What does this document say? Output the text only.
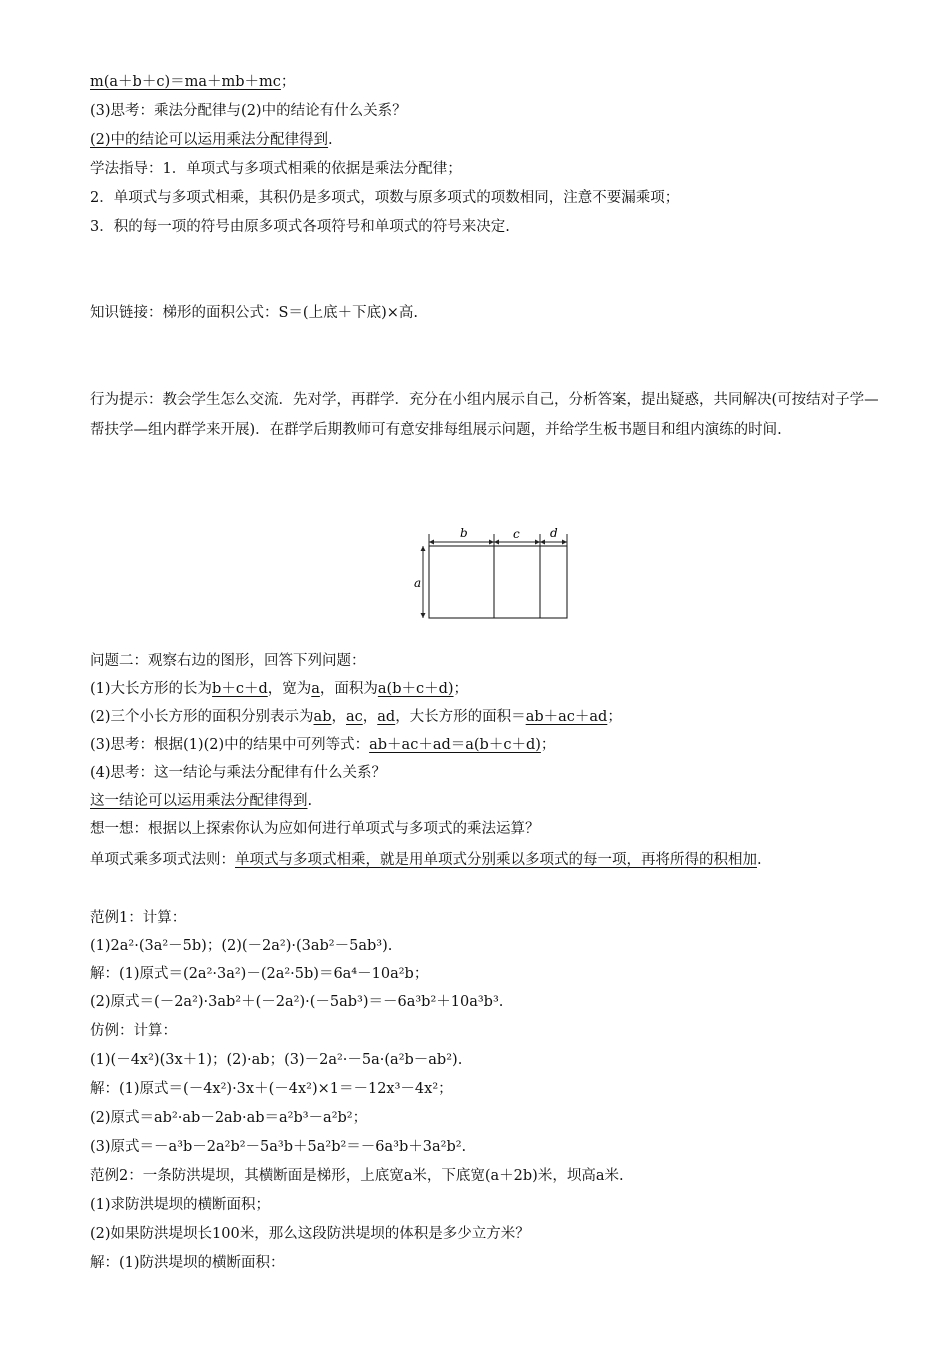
m(a＋b＋c)＝ma＋mb＋mc；
(3)思考：乘法分配律与(2)中的结论有什么关系？
(2)中的结论可以运用乘法分配律得到.
学法指导：1．单项式与多项式相乘的依据是乘法分配律；
2．单项式与多项式相乘，其积仍是多项式，项数与原多项式的项数相同，注意不要漏乘项；
3．积的每一项的符号由原多项式各项符号和单项式的符号来决定.
知识链接：梯形的面积公式：S＝(上底＋下底)×高.
行为提示：教会学生怎么交流．先对学，再群学．充分在小组内展示自己，分析答案，提出疑惑，共同解决(可按结对子学—帮扶学—组内群学来开展)．在群学后期教师可有意安排每组展示问题，并给学生板书题目和组内演练的时间.
b	c	d
a
问题二：观察右边的图形，回答下列问题：
(1)大长方形的长为b＋c＋d，宽为a，面积为a(b＋c＋d)；
(2)三个小长方形的面积分别表示为ab，ac，ad，大长方形的面积＝ab＋ac＋ad；
(3)思考：根据(1)(2)中的结果中可列等式：ab＋ac＋ad＝a(b＋c＋d)；
(4)思考：这一结论与乘法分配律有什么关系？
这一结论可以运用乘法分配律得到.
想一想：根据以上探索你认为应如何进行单项式与多项式的乘法运算？
单项式乘多项式法则：单项式与多项式相乘，就是用单项式分别乘以多项式的每一项，再将所得的积相加.
范例1：计算：
(1)2a²·(3a²－5b)；(2)(－2a²)·(3ab²－5ab³).
解：(1)原式＝(2a²·3a²)－(2a²·5b)＝6a⁴－10a²b；
(2)原式＝(－2a²)·3ab²＋(－2a²)·(－5ab³)＝－6a³b²＋10a³b³.
仿例：计算：
(1)(－4x²)(3x＋1)；(2)·ab；(3)－2a²·－5a·(a²b－ab²).
解：(1)原式＝(－4x²)·3x＋(－4x²)×1＝－12x³－4x²；
(2)原式＝ab²·ab－2ab·ab＝a²b³－a²b²；
(3)原式＝－a³b－2a²b²－5a³b＋5a²b²＝－6a³b＋3a²b².
范例2：一条防洪堤坝，其横断面是梯形，上底宽a米，下底宽(a＋2b)米，坝高a米.
(1)求防洪堤坝的横断面积；
(2)如果防洪堤坝长100米，那么这段防洪堤坝的体积是多少立方米？
解：(1)防洪堤坝的横断面积：
